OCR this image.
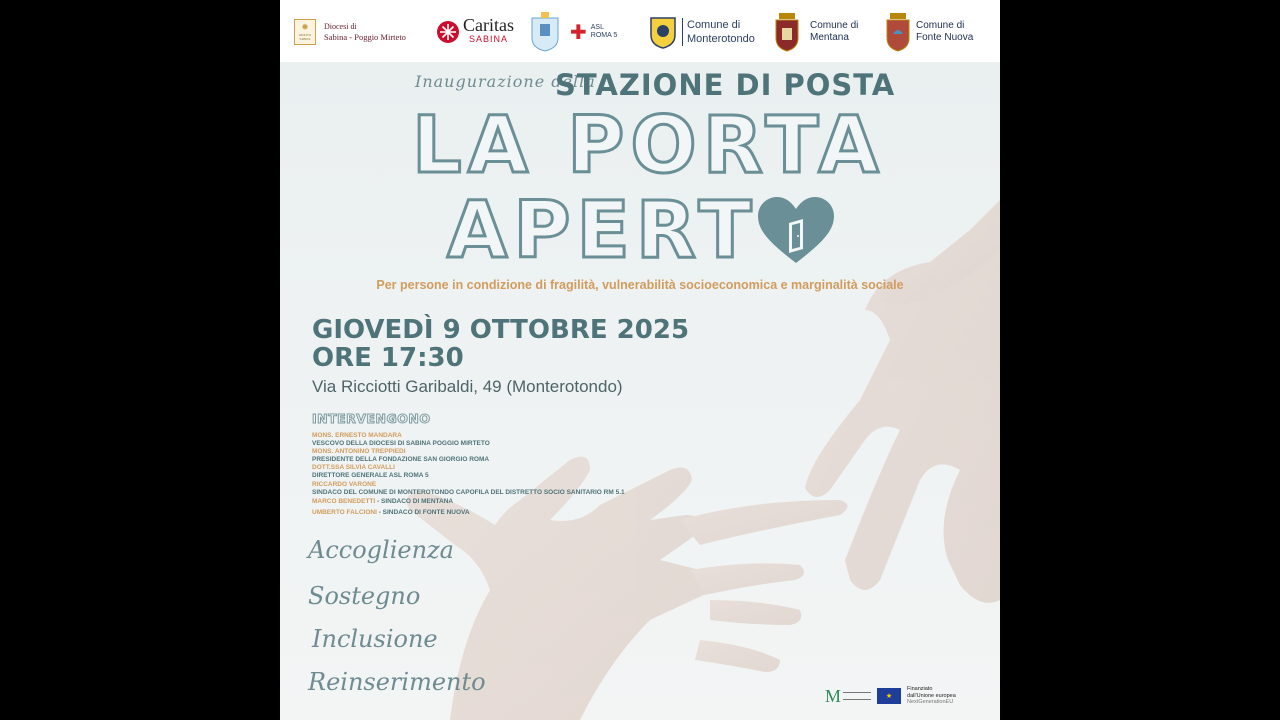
✸
DIOCESI
SABINA
Diocesi di
Sabina - Poggio Mirteto
Caritas
SABINA	✚ ASL ROMA 5
Comune di
Monterotondo
Comune di
Mentana
Comune di
Fonte Nuova
Inaugurazione della
STAZIONE DI POSTA
LA PORTA
APERT
Per persone in condizione di fragilità, vulnerabilità socioeconomica e marginalità sociale
GIOVEDÌ 9 OTTOBRE 2025
ORE 17:30
Via Ricciotti Garibaldi, 49 (Monterotondo)
INTERVENGONO
MONS. ERNESTO MANDARA
VESCOVO DELLA DIOCESI DI SABINA POGGIO MIRTETO
MONS. ANTONINO TREPPIEDI
PRESIDENTE DELLA FONDAZIONE SAN GIORGIO ROMA
DOTT.SSA SILVIA CAVALLI
DIRETTORE GENERALE ASL ROMA 5
RICCARDO VARONE
SINDACO DEL COMUNE DI MONTEROTONDO CAPOFILA DEL DISTRETTO SOCIO SANITARIO RM 5.1
MARCO BENEDETTI - SINDACO DI MENTANA
UMBERTO FALCIONI - SINDACO DI FONTE NUOVA
Accoglienza
Sostegno
Inclusione
Reinserimento	M	★
Finanziato
dall'Unione europea
NextGenerationEU
